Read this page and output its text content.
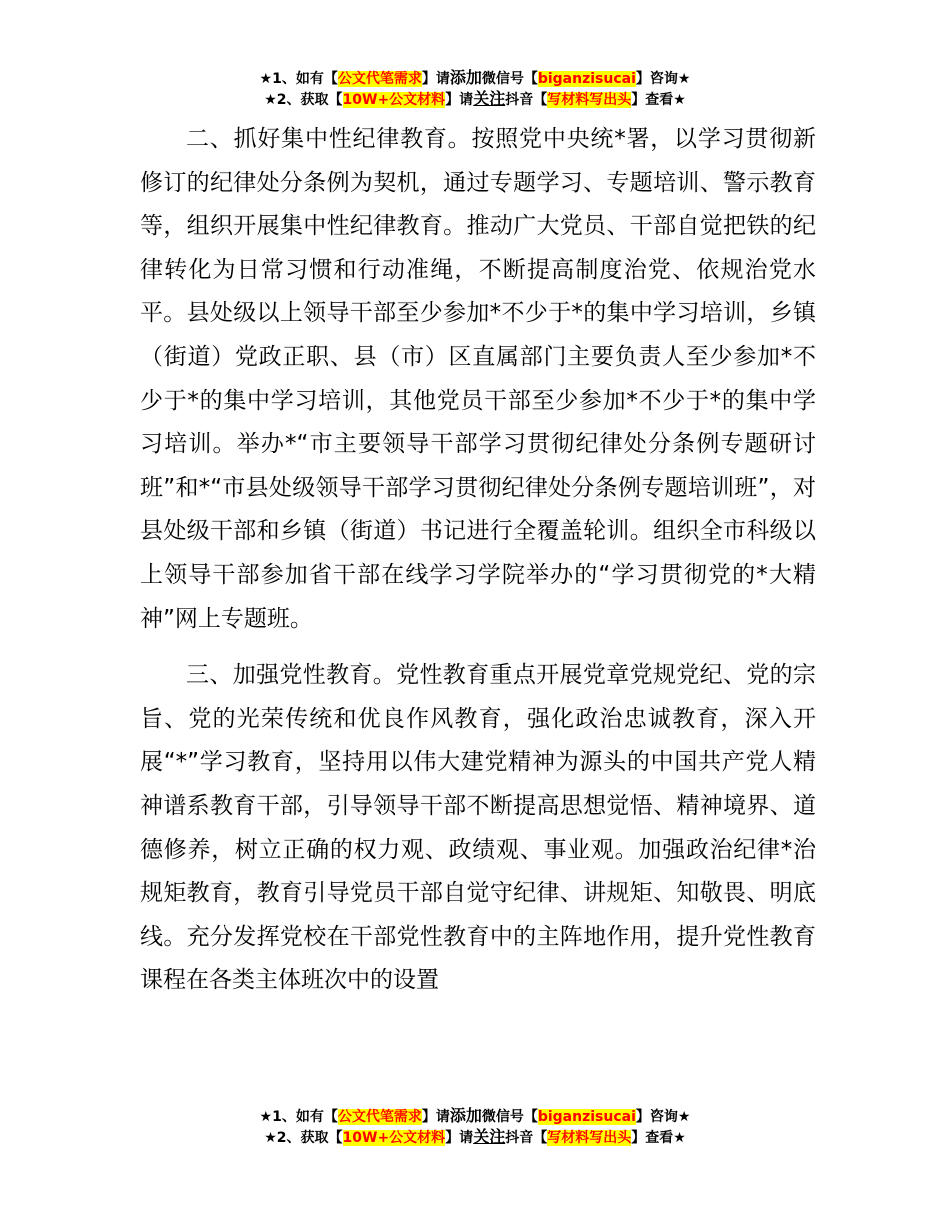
★1、如有【公文代笔需求】请添加微信号【biganzisucai】咨询★
★2、获取【10W+公文材料】请关注抖音【写材料写出头】查看★

二、抓好集中性纪律教育。按照党中央统*署，以学习贯彻新修订的纪律处分条例为契机，通过专题学习、专题培训、警示教育等，组织开展集中性纪律教育。推动广大党员、干部自觉把铁的纪律转化为日常习惯和行动准绳，不断提高制度治党、依规治党水平。县处级以上领导干部至少参加*不少于*的集中学习培训，乡镇（街道）党政正职、县（市）区直属部门主要负责人至少参加*不少于*的集中学习培训，其他党员干部至少参加*不少于*的集中学习培训。举办*“市主要领导干部学习贯彻纪律处分条例专题研讨班”和*“市县处级领导干部学习贯彻纪律处分条例专题培训班”，对县处级干部和乡镇（街道）书记进行全覆盖轮训。组织全市科级以上领导干部参加省干部在线学习学院举办的“学习贯彻党的*大精神”网上专题班。

三、加强党性教育。党性教育重点开展党章党规党纪、党的宗旨、党的光荣传统和优良作风教育，强化政治忠诚教育，深入开展“*”学习教育，坚持用以伟大建党精神为源头的中国共产党人精神谱系教育干部，引导领导干部不断提高思想觉悟、精神境界、道德修养，树立正确的权力观、政绩观、事业观。加强政治纪律*治规矩教育，教育引导党员干部自觉守纪律、讲规矩、知敬畏、明底线。充分发挥党校在干部党性教育中的主阵地作用，提升党性教育课程在各类主体班次中的设置

★1、如有【公文代笔需求】请添加微信号【biganzisucai】咨询★
★2、获取【10W+公文材料】请关注抖音【写材料写出头】查看★
